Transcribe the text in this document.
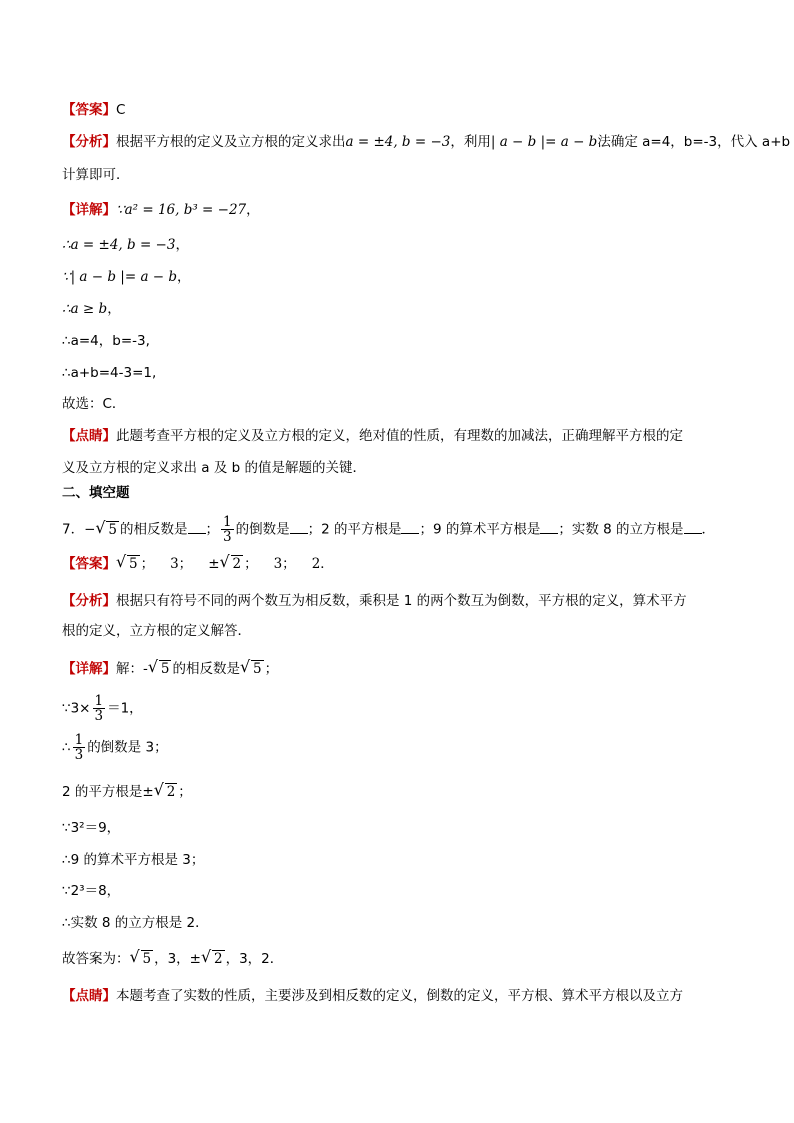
【答案】C
【分析】根据平方根的定义及立方根的定义求出a = ±4, b = −3，利用| a − b |= a − b法确定 a=4，b=-3，代入 a+b
计算即可．
【详解】∵a² = 16, b³ = −27，
∴a = ±4, b = −3，
∵| a − b |= a − b，
∴a ≥ b，
∴a=4，b=-3,
∴a+b=4-3=1,
故选：C．
【点睛】此题考查平方根的定义及立方根的定义，绝对值的性质，有理数的加减法，正确理解平方根的定
义及立方根的定义求出 a 及 b 的值是解题的关键．
二、填空题
7．− √ 5 的相反数是 ； $\frac{1}{3}$ 的倒数是 ；2 的平方根是 ；9 的算术平方根是 ；实数 8 的立方根是 ．
【答案】 √ 5 ； 3； ± √ 2 ； 3； 2．
【分析】根据只有符号不同的两个数互为相反数，乘积是 1 的两个数互为倒数，平方根的定义，算术平方
根的定义，立方根的定义解答．
【详解】解：- √ 5 的相反数是 √ 5 ；
∵3× $\frac{1}{3} =1$，
∴ $\frac{1}{3}$ 的倒数是 3；
2 的平方根是± √ 2 ；
∵3²＝9，
∴9 的算术平方根是 3；
∵2³＝8，
∴实数 8 的立方根是 2．
故答案为： √ 5 ，3，± √ 2 ，3，2．
【点睛】本题考查了实数的性质，主要涉及到相反数的定义，倒数的定义，平方根、算术平方根以及立方
